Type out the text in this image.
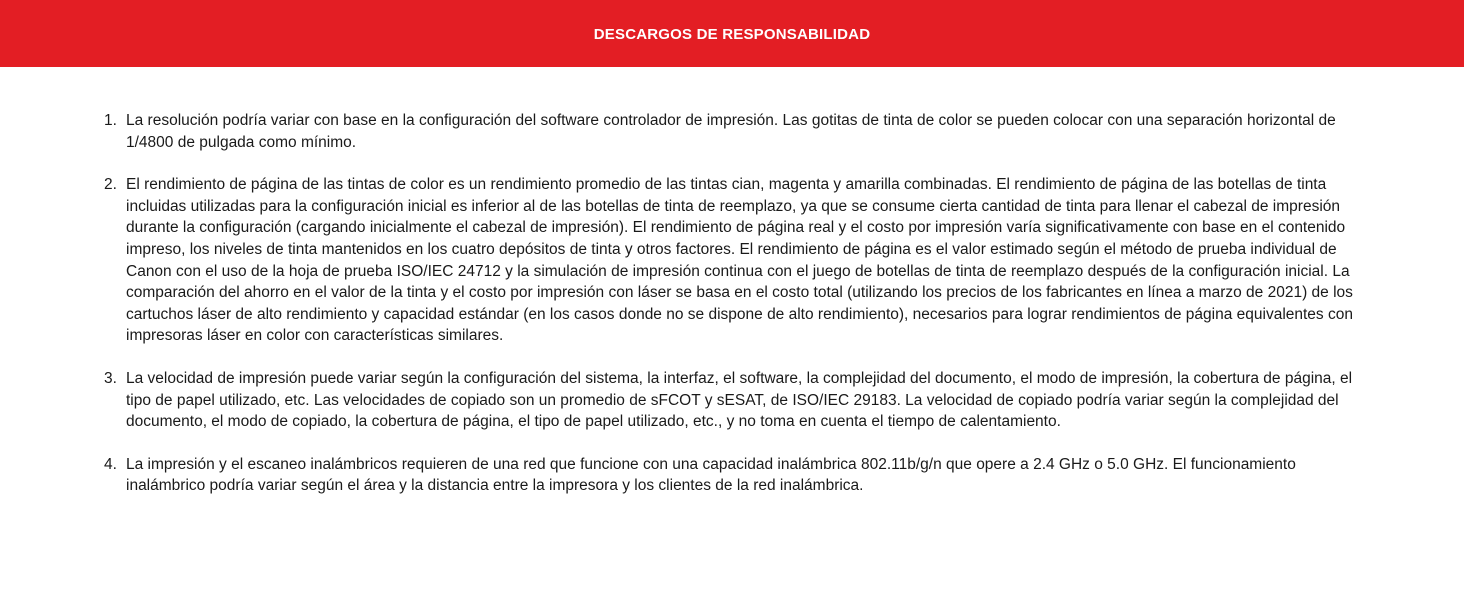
DESCARGOS DE RESPONSABILIDAD
1. La resolución podría variar con base en la configuración del software controlador de impresión. Las gotitas de tinta de color se pueden colocar con una separación horizontal de 1/4800 de pulgada como mínimo.

2. El rendimiento de página de las tintas de color es un rendimiento promedio de las tintas cian, magenta y amarilla combinadas. El rendimiento de página de las botellas de tinta incluidas utilizadas para la configuración inicial es inferior al de las botellas de tinta de reemplazo, ya que se consume cierta cantidad de tinta para llenar el cabezal de impresión durante la configuración (cargando inicialmente el cabezal de impresión). El rendimiento de página real y el costo por impresión varía significativamente con base en el contenido impreso, los niveles de tinta mantenidos en los cuatro depósitos de tinta y otros factores. El rendimiento de página es el valor estimado según el método de prueba individual de Canon con el uso de la hoja de prueba ISO/IEC 24712 y la simulación de impresión continua con el juego de botellas de tinta de reemplazo después de la configuración inicial. La comparación del ahorro en el valor de la tinta y el costo por impresión con láser se basa en el costo total (utilizando los precios de los fabricantes en línea a marzo de 2021) de los cartuchos láser de alto rendimiento y capacidad estándar (en los casos donde no se dispone de alto rendimiento), necesarios para lograr rendimientos de página equivalentes con impresoras láser en color con características similares.

3. La velocidad de impresión puede variar según la configuración del sistema, la interfaz, el software, la complejidad del documento, el modo de impresión, la cobertura de página, el tipo de papel utilizado, etc. Las velocidades de copiado son un promedio de sFCOT y sESAT, de ISO/IEC 29183. La velocidad de copiado podría variar según la complejidad del documento, el modo de copiado, la cobertura de página, el tipo de papel utilizado, etc., y no toma en cuenta el tiempo de calentamiento.

4. La impresión y el escaneo inalámbricos requieren de una red que funcione con una capacidad inalámbrica 802.11b/g/n que opere a 2.4 GHz o 5.0 GHz. El funcionamiento inalámbrico podría variar según el área y la distancia entre la impresora y los clientes de la red inalámbrica.
